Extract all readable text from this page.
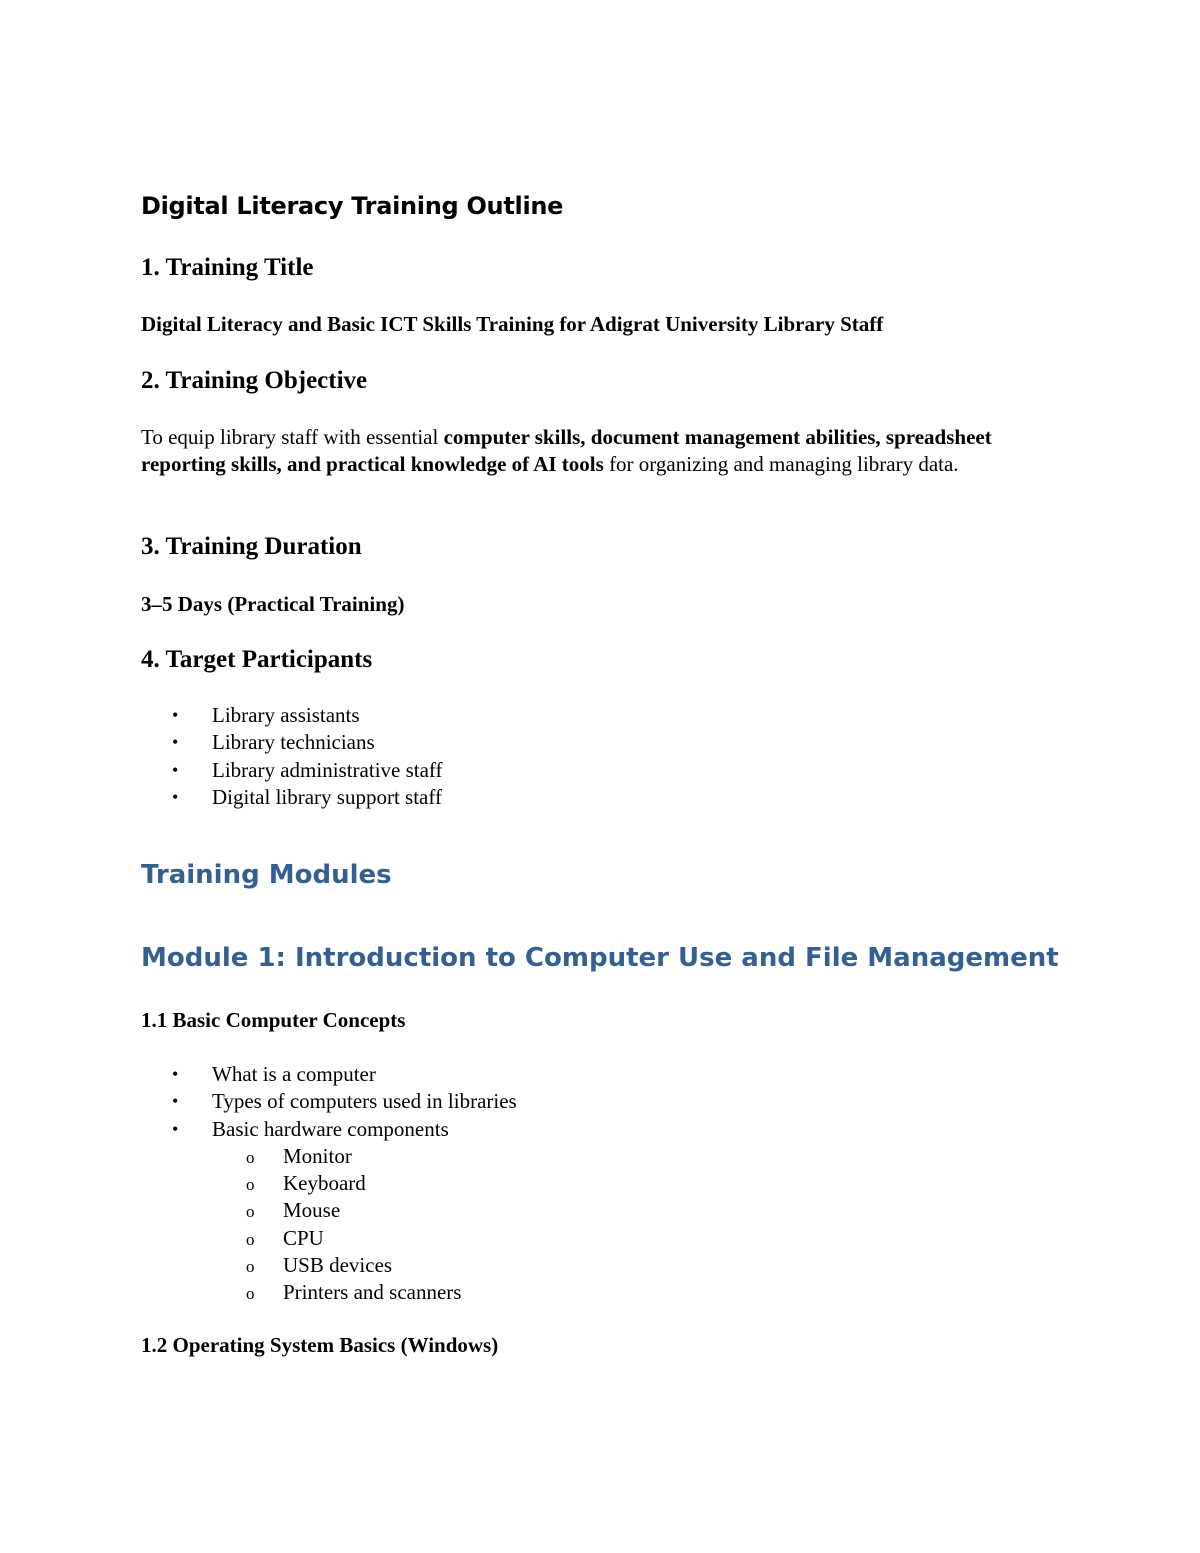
Digital Literacy Training Outline
1. Training Title
Digital Literacy and Basic ICT Skills Training for Adigrat University Library Staff
2. Training Objective

To equip library staff with essential computer skills, document management abilities, spreadsheet reporting skills, and practical knowledge of AI tools for organizing and managing library data.

3. Training Duration
3–5 Days (Practical Training)
4. Target Participants
• Library assistants
• Library technicians
• Library administrative staff
• Digital library support staff
Training Modules
Module 1: Introduction to Computer Use and File Management
1.1 Basic Computer Concepts
• What is a computer
• Types of computers used in libraries
• Basic hardware components
o Monitor
o Keyboard
o Mouse
o CPU
o USB devices
o Printers and scanners
1.2 Operating System Basics (Windows)
